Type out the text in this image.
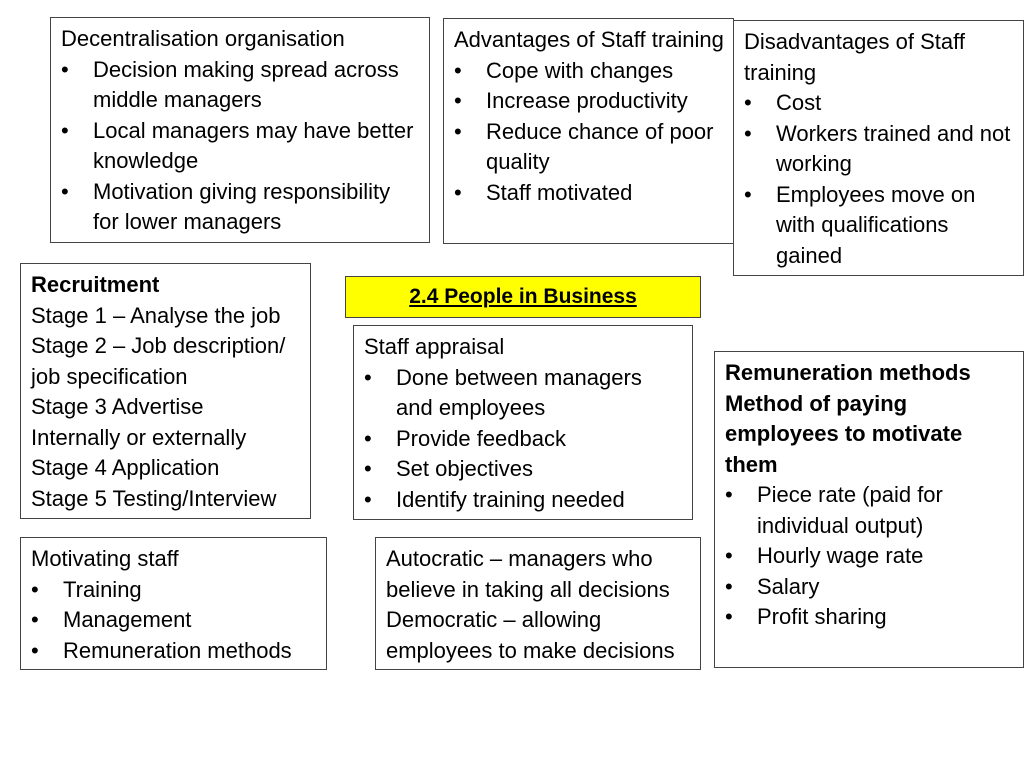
Decentralisation organisation

• Decision making spread across middle managers
• Local managers may have better knowledge
• Motivation giving responsibility for lower managers

Advantages of Staff training

• Cope with changes
• Increase productivity
• Reduce chance of poor quality
• Staff motivated

Disadvantages of Staff training

• Cost
• Workers trained and not working
• Employees move on with qualifications gained

Recruitment

Stage 1 – Analyse the job

Stage 2 – Job description/ job specification

Stage 3 Advertise

Internally or externally

Stage 4 Application

Stage 5 Testing/Interview

2.4 People in Business

Staff appraisal

• Done between managers and employees
• Provide feedback
• Set objectives
• Identify training needed

Remuneration methods

Method of paying employees to motivate them

• Piece rate (paid for individual output)
• Hourly wage rate
• Salary
• Profit sharing

Motivating staff

• Training
• Management
• Remuneration methods

Autocratic – managers who believe in taking all decisions

Democratic – allowing employees to make decisions
